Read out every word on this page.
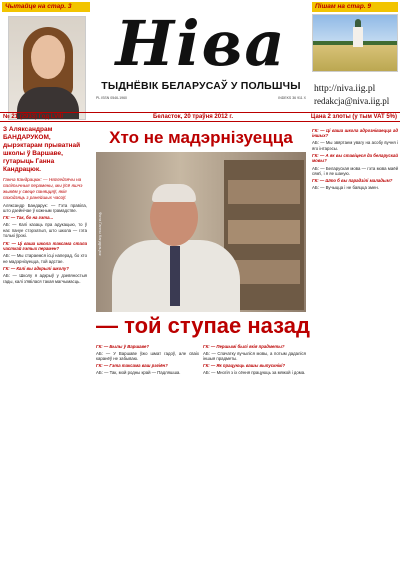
Чытайце на стар. 3
Ніва
ТЫДНЁВІК БЕЛАРУСАЎ У ПОЛЬШЧЫ
PL ISSN 0546-1960	INDEKS 36 911 X
Пішам на стар. 9
http://niva.iig.pl
redakcja@niva.iig.pl
№ 21 (2933) Год LVIII	Беласток, 20 траўня 2012 г.	Цана 2 злоты (у тым VAT 5%)
З Аляксандрам БАНДАРУКОМ, дырэктарам прыватнай школы ў Варшаве, гутарыць Ганна Кандрацюк.
Ганна Кандрацюк: — Нягледзячы на палітычныя перамены, мы ўсё яшчэ жывём у свеце паняццяў, якія паходзяць з ранейшых часоў.
Аляксандр Бандарук: — Гэта правіла, што дзейнічае ў кожным грамадстве.
ГК: — Так, бо на гэта...
АБ: — Калі казаць пра адукацыю, то ў нас пануе стэрэатып, што школа — гэта толькі ўрокі.
ГК: — Ці ваша школа таксама стала часткай гэтых перамен?
АБ: — Мы стараемся ісці наперад, бо хто не мадэрнізуецца, той адстае.
ГК: — Калі вы адкрылі школу?
АБ: — Школу я адкрыў у дзевяностыя гады, калі з'явілася такая магчымасць.
Хто не мадэрнізуецца
Фота Ганны Кандрацюк
— той ступае назад
ГК: — Былы ў Варшаве?
АБ: — У Варшаве ўжо шмат гадоў, але сваіх каранёў не забываю.
ГК: — Гэта таксама ваш рэгіён?
АБ: — Так, мой родны край — Падляшша.
ГК: — Першымі былі якія прадметы?
АБ: — Спачатку вучыліся мовы, а потым дадаліся іншыя прадметы.
ГК: — Як працуюць вашы выпускнікі?
АБ: — Многія з іх сёння працуюць за мяжой і дома.
ГК: — Ці ваша школа адрозніваецца ад іншых?
АБ: — Мы звяртаем увагу на асобу вучня і яго інтарэсы.
ГК: — А як вы ставіцеся да беларускай мовы?
АБ: — Беларуская мова — гэта мова маёй сям'і, і я яе шаную.
ГК: — Што б вы парадзілі маладым?
АБ: — Вучыцца і не баяцца змен.
